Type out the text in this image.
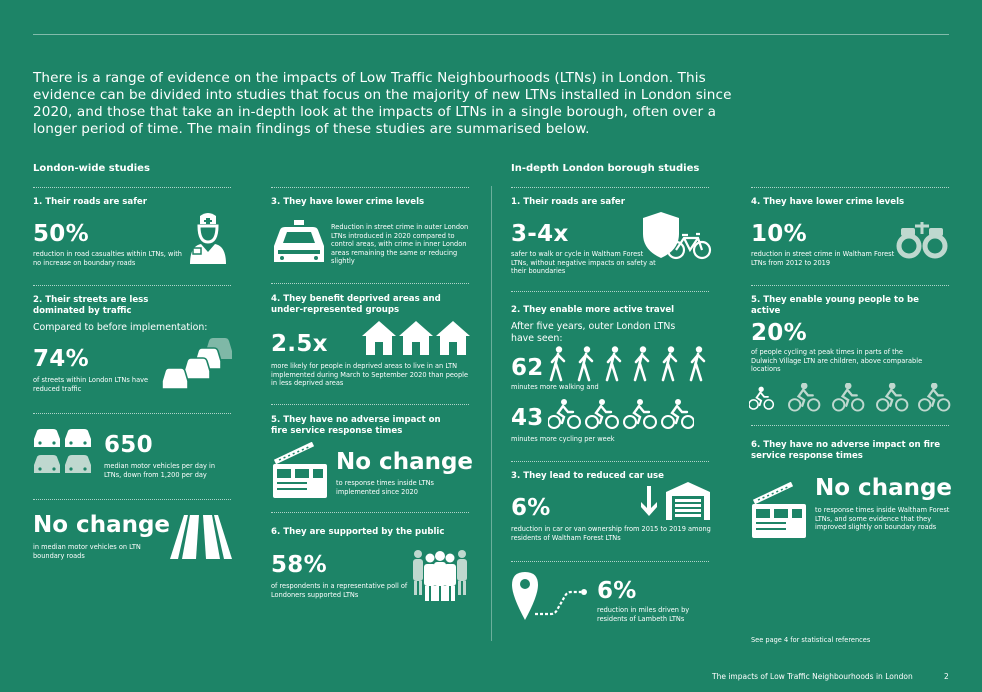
There is a range of evidence on the impacts of Low Traffic Neighbourhoods (LTNs) in London. This evidence can be divided into studies that focus on the majority of new LTNs installed in London since 2020, and those that take an in-depth look at the impacts of LTNs in a single borough, often over a longer period of time. The main findings of these studies are summarised below.

London-wide studies	In-depth London borough studies
1. Their roads are safer
50%
reduction in road casualties within LTNs, with no increase on boundary roads
2. Their streets are less dominated by traffic
Compared to before implementation:
74%
of streets within London LTNs have reduced traffic
650
median motor vehicles per day in LTNs, down from 1,200 per day
No change
in median motor vehicles on LTN boundary roads
3. They have lower crime levels
Reduction in street crime in outer London LTNs introduced in 2020 compared to control areas, with crime in inner London areas remaining the same or reducing slightly
4. They benefit deprived areas and under-represented groups
2.5x
more likely for people in deprived areas to live in an LTN implemented during March to September 2020 than people in less deprived areas
5. They have no adverse impact on fire service response times
No change
to response times inside LTNs implemented since 2020
6. They are supported by the public
58%
of respondents in a representative poll of Londoners supported LTNs
1. Their roads are safer
3-4x
safer to walk or cycle in Waltham Forest LTNs, without negative impacts on safety at their boundaries
2. They enable more active travel
After five years, outer London LTNs have seen:
62
minutes more walking and
43
minutes more cycling per week
3. They lead to reduced car use
6%
reduction in car or van ownership from 2015 to 2019 among residents of Waltham Forest LTNs
6%
reduction in miles driven by residents of Lambeth LTNs
4. They have lower crime levels
10%
reduction in street crime in Waltham Forest LTNs from 2012 to 2019
5. They enable young people to be active
20%
of people cycling at peak times in parts of the Dulwich Village LTN are children, above comparable locations
6. They have no adverse impact on fire service response times
No change
to response times inside Waltham Forest LTNs, and some evidence that they improved slightly on boundary roads
See page 4 for statistical references
The impacts of Low Traffic Neighbourhoods in London	2
